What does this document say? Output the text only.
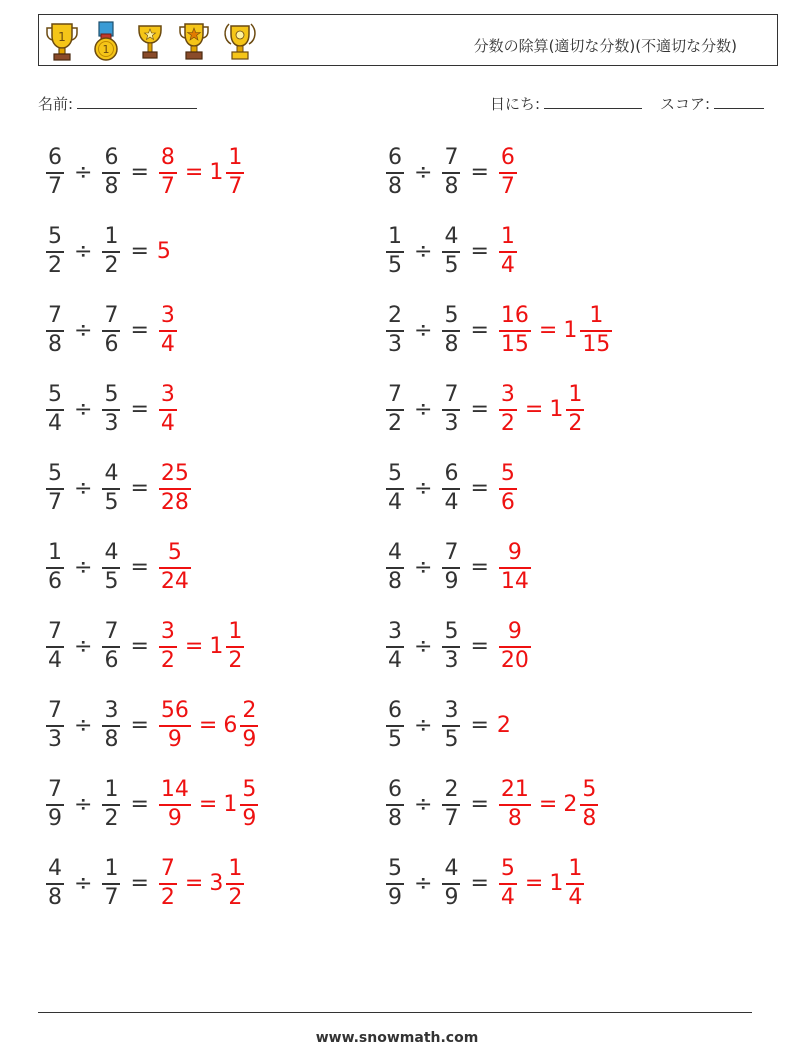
1
1	分数の除算(適切な分数)(不適切な分数)
名前:	日にち:	スコア:
$\frac{6}{7} \div \frac{6}{8} = \frac{8}{7} = 1 \frac{1}{7}$	$\frac{6}{8} \div \frac{7}{8} = \frac{6}{7}$
$\frac{5}{2} \div \frac{1}{2} = 5$	$\frac{1}{5} \div \frac{4}{5} = \frac{1}{4}$
$\frac{7}{8} \div \frac{7}{6} = \frac{3}{4}$	$\frac{2}{3} \div \frac{5}{8} = \frac{16}{15} = 1 \frac{1}{15}$
$\frac{5}{4} \div \frac{5}{3} = \frac{3}{4}$	$\frac{7}{2} \div \frac{7}{3} = \frac{3}{2} = 1 \frac{1}{2}$
$\frac{5}{7} \div \frac{4}{5} = \frac{25}{28}$	$\frac{5}{4} \div \frac{6}{4} = \frac{5}{6}$
$\frac{1}{6} \div \frac{4}{5} = \frac{5}{24}$	$\frac{4}{8} \div \frac{7}{9} = \frac{9}{14}$
$\frac{7}{4} \div \frac{7}{6} = \frac{3}{2} = 1 \frac{1}{2}$	$\frac{3}{4} \div \frac{5}{3} = \frac{9}{20}$
$\frac{7}{3} \div \frac{3}{8} = \frac{56}{9} = 6 \frac{2}{9}$	$\frac{6}{5} \div \frac{3}{5} = 2$
$\frac{7}{9} \div \frac{1}{2} = \frac{14}{9} = 1 \frac{5}{9}$	$\frac{6}{8} \div \frac{2}{7} = \frac{21}{8} = 2 \frac{5}{8}$
$\frac{4}{8} \div \frac{1}{7} = \frac{7}{2} = 3 \frac{1}{2}$	$\frac{5}{9} \div \frac{4}{9} = \frac{5}{4} = 1 \frac{1}{4}$
www.snowmath.com
